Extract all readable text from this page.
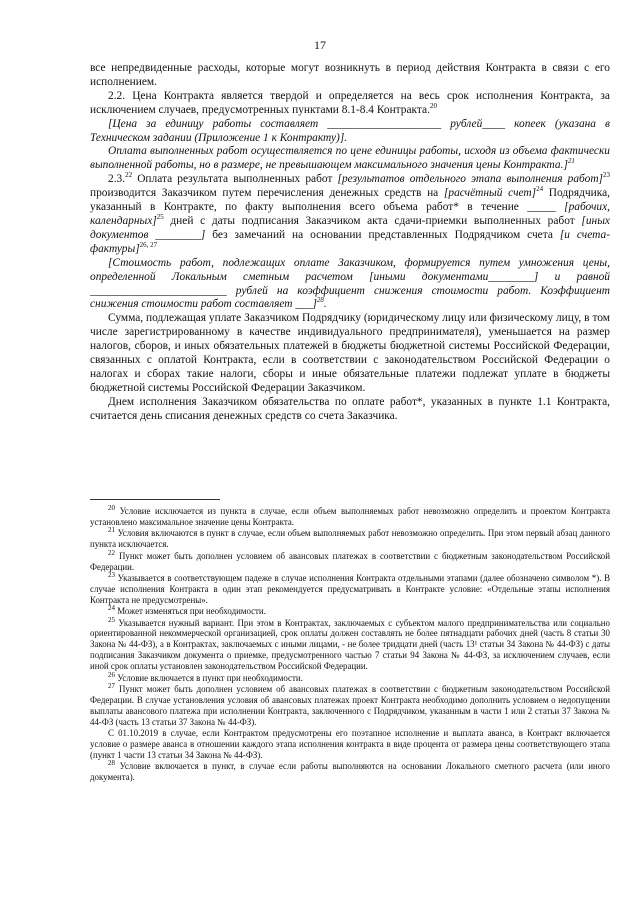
17

все непредвиденные расходы, которые могут возникнуть в период действия Контракта в связи с его исполнением.

2.2. Цена Контракта является твердой и определяется на весь срок исполнения Контракта, за исключением случаев, предусмотренных пунктами 8.1-8.4 Контракта.$^{20}$

[Цена за единицу работы составляет ____________________ рублей____ копеек (указана в Техническом задании (Приложение 1 к Контракту)].

Оплата выполненных работ осуществляется по цене единицы работы, исходя из объема фактически выполненной работы, но в размере, не превышающем максимального значения цены Контракта.]$^{21}$

2.3.22 Оплата результата выполненных работ [результатов отдельного этапа выполнения работ]$^{23}$ производится Заказчиком путем перечисления денежных средств на [расчётный счет]$^{24}$ Подрядчика, указанный в Контракте, по факту выполнения всего объема работ* в течение _____ [рабочих, календарных]$^{25}$ дней с даты подписания Заказчиком акта сдачи-приемки выполненных работ [иных документов ________] без замечаний на основании представленных Подрядчиком счета [и счета-фактуры]$^{26, 27}$

[Стоимость работ, подлежащих оплате Заказчиком, формируется путем умножения цены, определенной Локальным сметным расчетом [иными документами________] и равной ________________________ рублей на коэффициент снижения стоимости работ. Коэффициент снижения стоимости работ составляет ___]$^{28}$.

Сумма, подлежащая уплате Заказчиком Подрядчику (юридическому лицу или физическому лицу, в том числе зарегистрированному в качестве индивидуального предпринимателя), уменьшается на размер налогов, сборов, и иных обязательных платежей в бюджеты бюджетной системы Российской Федерации, связанных с оплатой Контракта, если в соответствии с законодательством Российской Федерации о налогах и сборах такие налоги, сборы и иные обязательные платежи подлежат уплате в бюджеты бюджетной системы Российской Федерации Заказчиком.

Днем исполнения Заказчиком обязательства по оплате работ*, указанных в пункте 1.1 Контракта, считается день списания денежных средств со счета Заказчика.

$^{20}$ Условие исключается из пункта в случае, если объем выполняемых работ невозможно определить и проектом Контракта установлено максимальное значение цены Контракта.

$^{21}$ Условия включаются в пункт в случае, если объем выполняемых работ невозможно определить. При этом первый абзац данного пункта исключается.

$^{22}$ Пункт может быть дополнен условием об авансовых платежах в соответствии с бюджетным законодательством Российской Федерации.

$^{23}$ Указывается в соответствующем падеже в случае исполнения Контракта отдельными этапами (далее обозначено символом *). В случае исполнения Контракта в один этап рекомендуется предусматривать в Контракте условие: «Отдельные этапы исполнения Контракта не предусмотрены».

$^{24}$ Может изменяться при необходимости.

$^{25}$ Указывается нужный вариант. При этом в Контрактах, заключаемых с субъектом малого предпринимательства или социально ориентированной некоммерческой организацией, срок оплаты должен составлять не более пятнадцати рабочих дней (часть 8 статьи 30 Закона № 44-ФЗ), а в Контрактах, заключаемых с иными лицами, - не более тридцати дней (часть 13¹ статьи 34 Закона № 44-ФЗ) с даты подписания Заказчиком документа о приемке, предусмотренного частью 7 статьи 94 Закона № 44-ФЗ, за исключением случаев, если иной срок оплаты установлен законодательством Российской Федерации.

$^{26}$ Условие включается в пункт при необходимости.

$^{27}$ Пункт может быть дополнен условием об авансовых платежах в соответствии с бюджетным законодательством Российской Федерации. В случае установления условия об авансовых платежах проект Контракта необходимо дополнить условием о недопущении выплаты авансового платежа при исполнении Контракта, заключенного с Подрядчиком, указанным в части 1 или 2 статьи 37 Закона № 44-ФЗ (часть 13 статьи 37 Закона № 44-ФЗ).

С 01.10.2019 в случае, если Контрактом предусмотрены его поэтапное исполнение и выплата аванса, в Контракт включается условие о размере аванса в отношении каждого этапа исполнения контракта в виде процента от размера цены соответствующего этапа (пункт 1 части 13 статьи 34 Закона № 44-ФЗ).

$^{28}$ Условие включается в пункт, в случае если работы выполняются на основании Локального сметного расчета (или иного документа).
